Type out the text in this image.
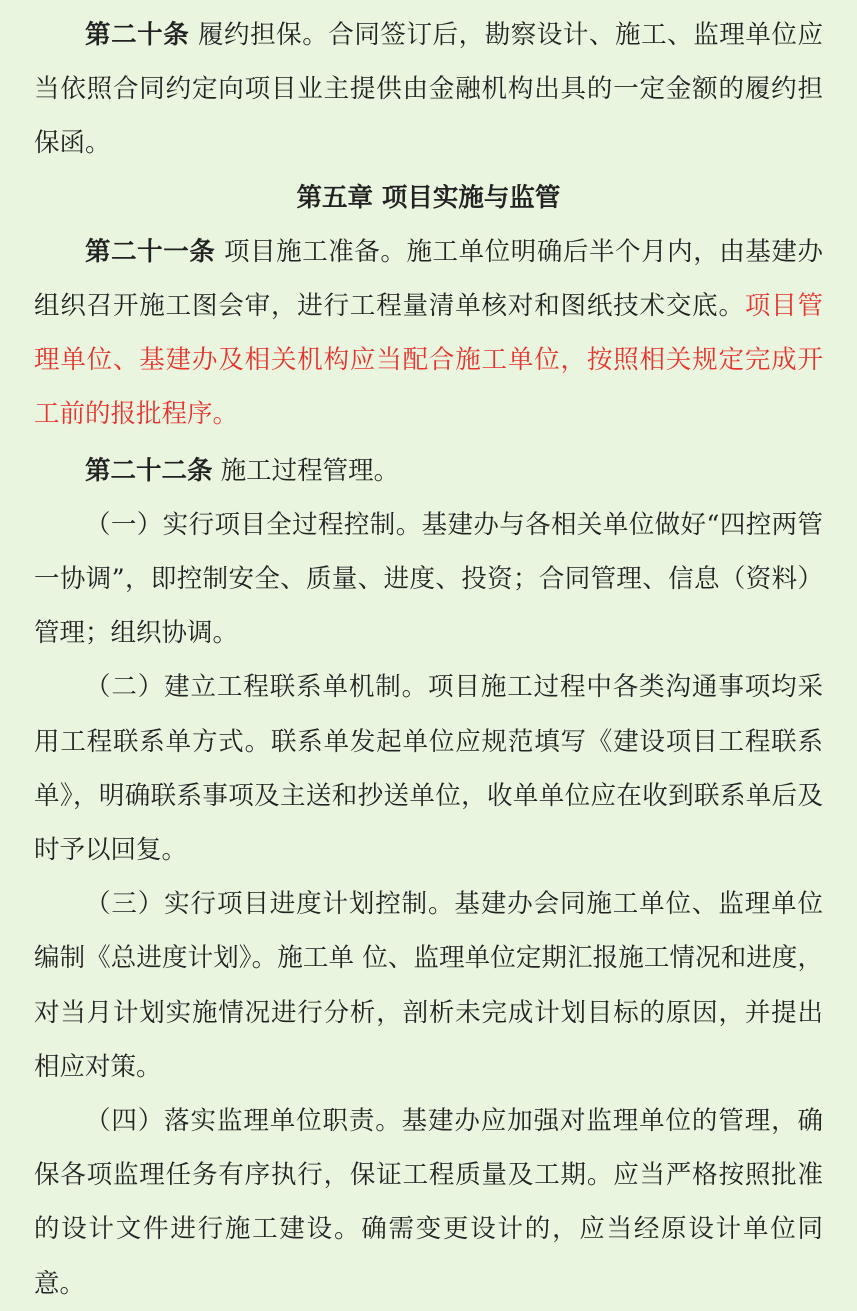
第二十条 履约担保。合同签订后，勘察设计、施工、监理单位应当依照合同约定向项目业主提供由金融机构出具的一定金额的履约担保函。

第五章 项目实施与监管

第二十一条 项目施工准备。施工单位明确后半个月内，由基建办组织召开施工图会审，进行工程量清单核对和图纸技术交底。项目管理单位、基建办及相关机构应当配合施工单位，按照相关规定完成开工前的报批程序。

第二十二条 施工过程管理。

（一）实行项目全过程控制。基建办与各相关单位做好“四控两管一协调”，即控制安全、质量、进度、投资；合同管理、信息（资料）管理；组织协调。

（二）建立工程联系单机制。项目施工过程中各类沟通事项均采用工程联系单方式。联系单发起单位应规范填写《建设项目工程联系单》，明确联系事项及主送和抄送单位，收单单位应在收到联系单后及时予以回复。

（三）实行项目进度计划控制。基建办会同施工单位、监理单位编制《总进度计划》。施工单 位、监理单位定期汇报施工情况和进度，对当月计划实施情况进行分析，剖析未完成计划目标的原因，并提出相应对策。

（四）落实监理单位职责。基建办应加强对监理单位的管理，确保各项监理任务有序执行，保证工程质量及工期。应当严格按照批准的设计文件进行施工建设。确需变更设计的，应当经原设计单位同意。
